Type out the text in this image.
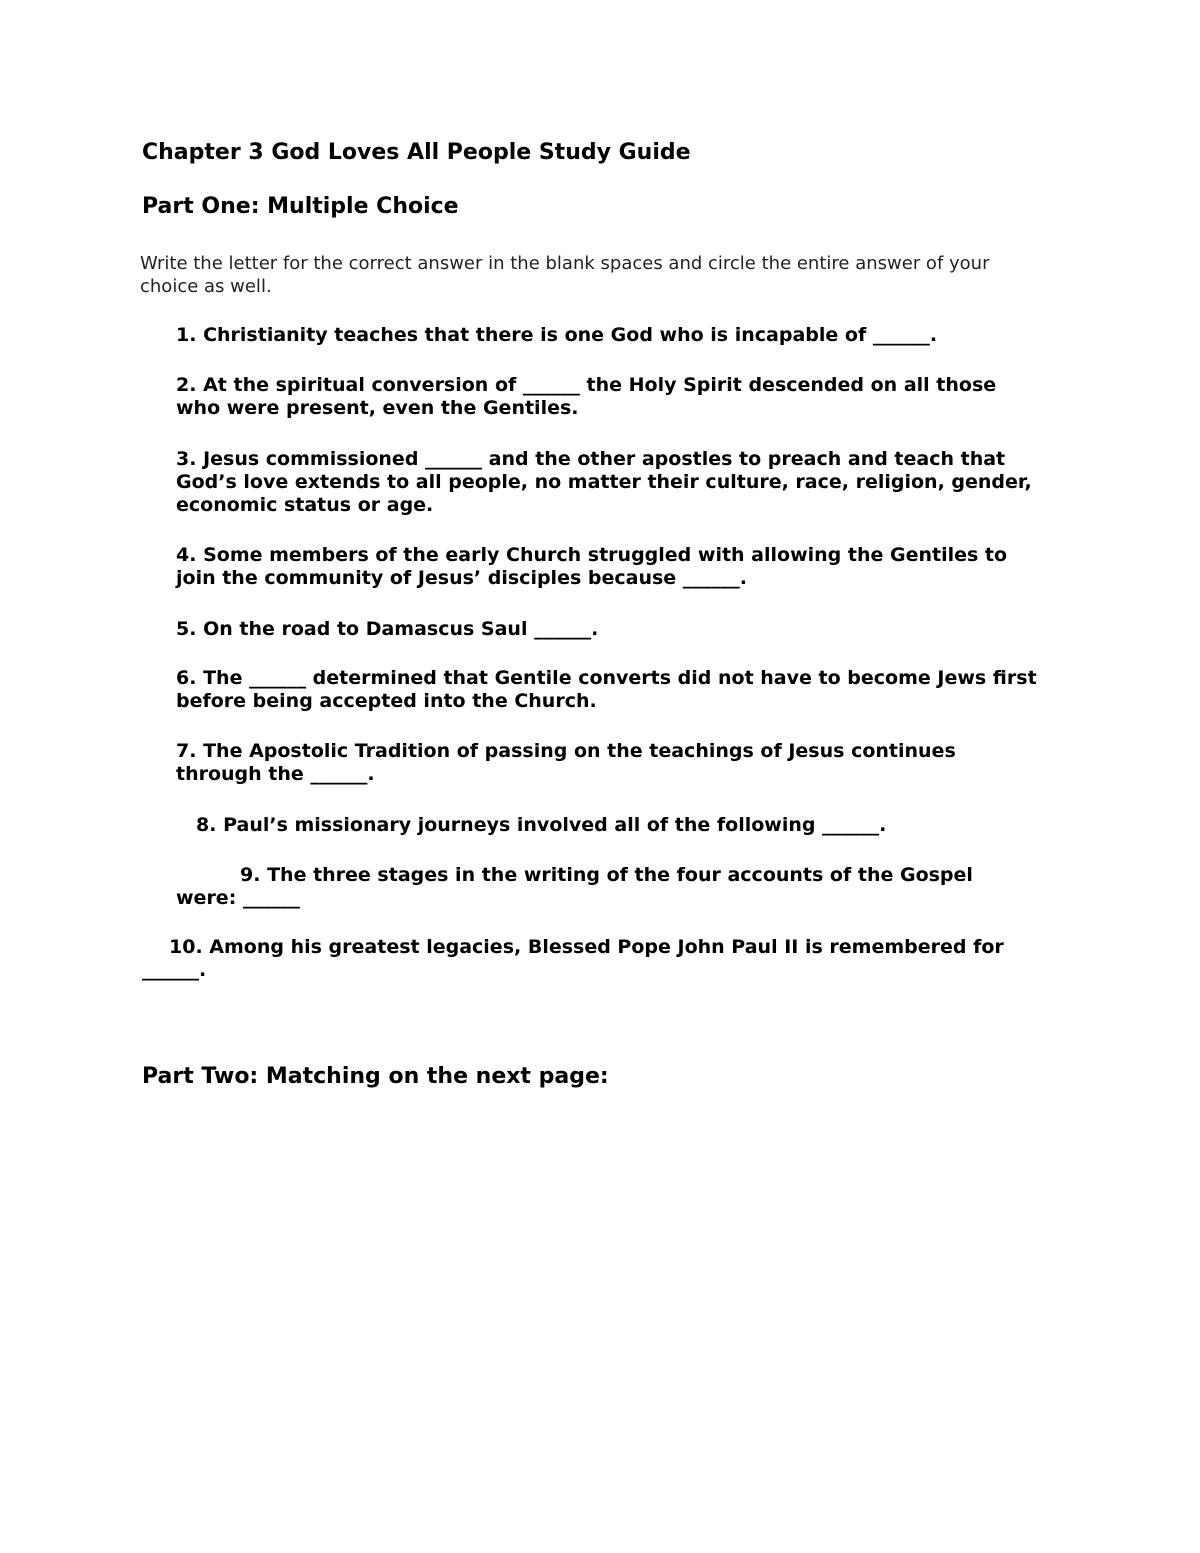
Chapter 3 God Loves All People Study Guide
Part One: Multiple Choice

Write the letter for the correct answer in the blank spaces and circle the entire answer of your choice as well.

1. Christianity teaches that there is one God who is incapable of ______.
2. At the spiritual conversion of ______ the Holy Spirit descended on all those who were present, even the Gentiles.
3. Jesus commissioned ______ and the other apostles to preach and teach that God’s love extends to all people, no matter their culture, race, religion, gender, economic status or age.
4. Some members of the early Church struggled with allowing the Gentiles to join the community of Jesus’ disciples because ______.
5. On the road to Damascus Saul ______.
6. The ______ determined that Gentile converts did not have to become Jews first before being accepted into the Church.
7. The Apostolic Tradition of passing on the teachings of Jesus continues through the ______.
8. Paul’s missionary journeys involved all of the following ______.
9. The three stages in the writing of the four accounts of the Gospel were: ______
10. Among his greatest legacies, Blessed Pope John Paul II is remembered for ______.
Part Two: Matching on the next page:
